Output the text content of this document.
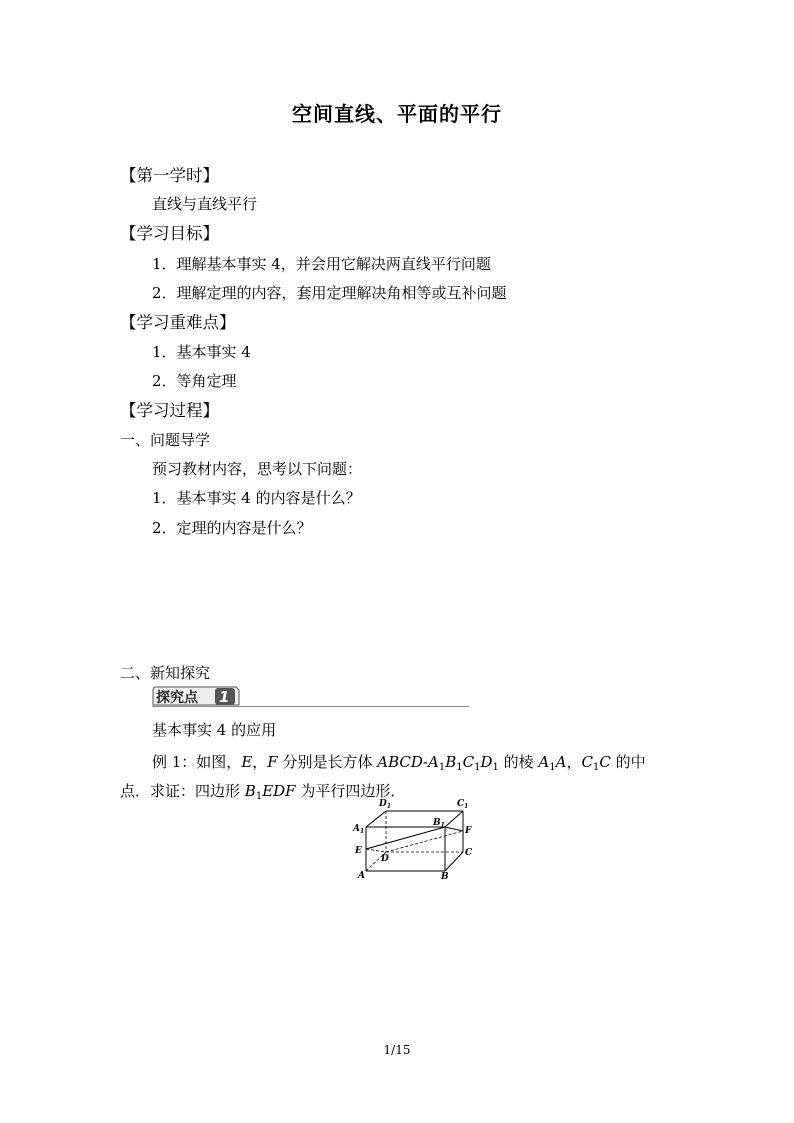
空间直线、平面的平行
【第一学时】
直线与直线平行
【学习目标】
1．理解基本事实 4，并会用它解决两直线平行问题
2．理解定理的内容，套用定理解决角相等或互补问题
【学习重难点】
1．基本事实 4
2．等角定理
【学习过程】
一、问题导学
预习教材内容，思考以下问题：
1．基本事实 4 的内容是什么？
2．定理的内容是什么？
二、新知探究
探究点 1
基本事实 4 的应用
例 1：如图，E，F 分别是长方体 ABCD-$A_1B_1C_1D_1$ 的棱 $A_1A$，$C_1C$ 的中
点．求证：四边形 $B_1EDF$ 为平行四边形．
$D_1$	$C_1$
$A_1$
$B_1$
F
E
D
C
A	B
1/15
